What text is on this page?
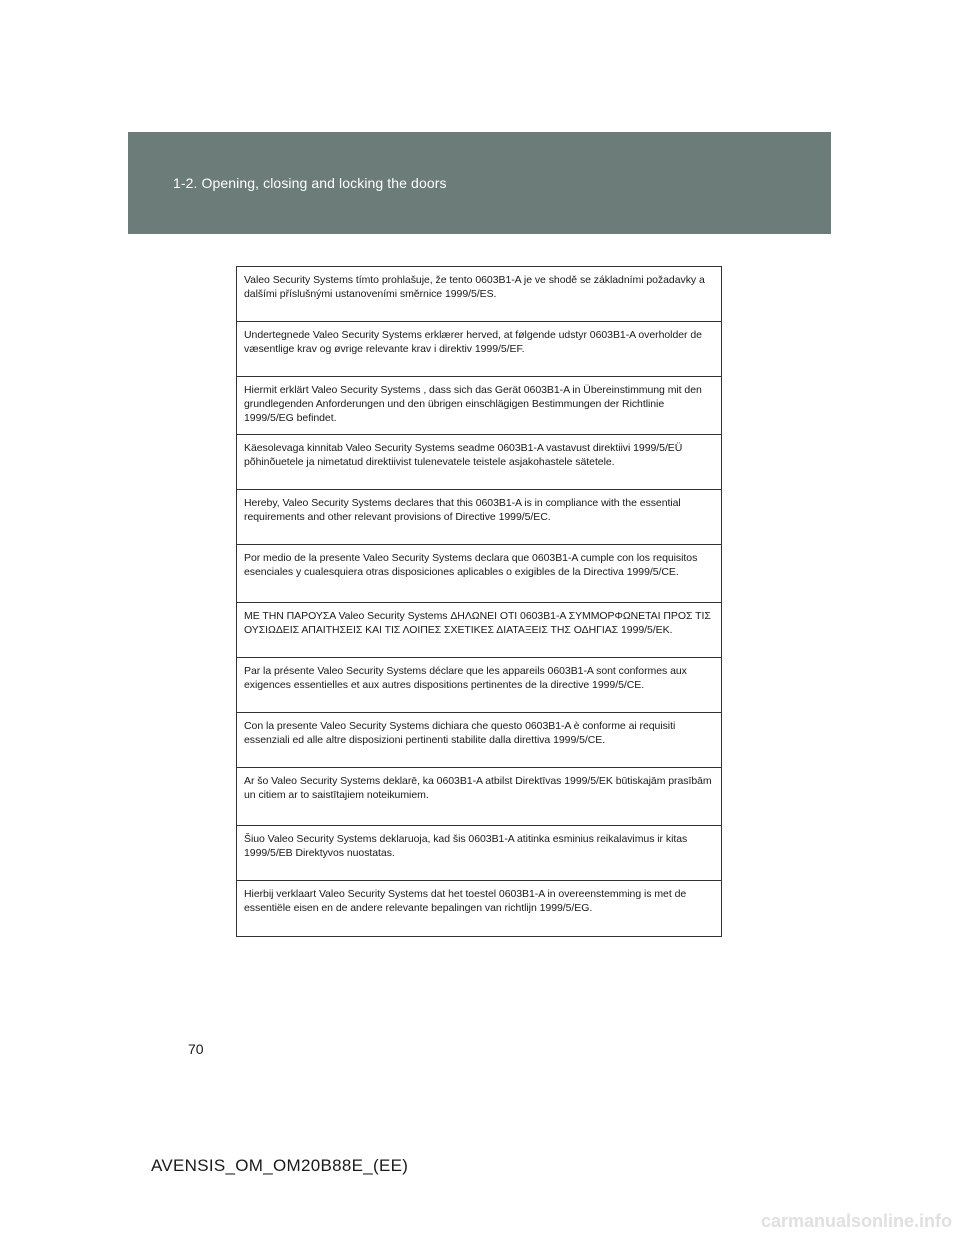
1-2. Opening, closing and locking the doors
Valeo Security Systems tímto prohlašuje, že tento 0603B1-A je ve shodě se základními požadavky a dalšími příslušnými ustanoveními směrnice 1999/5/ES.
Undertegnede Valeo Security Systems erklærer herved, at følgende udstyr 0603B1-A overholder de væsentlige krav og øvrige relevante krav i direktiv 1999/5/EF.
Hiermit erklärt Valeo Security Systems , dass sich das Gerät 0603B1-A in Übereinstimmung mit den grundlegenden Anforderungen und den übrigen einschlägigen Bestimmungen der Richtlinie 1999/5/EG befindet.
Käesolevaga kinnitab Valeo Security Systems seadme 0603B1-A vastavust direktiivi 1999/5/EÜ põhinõuetele ja nimetatud direktiivist tulenevatele teistele asjakohastele sätetele.
Hereby, Valeo Security Systems declares that this 0603B1-A is in compliance with the essential requirements and other relevant provisions of Directive 1999/5/EC.
Por medio de la presente Valeo Security Systems declara que 0603B1-A cumple con los requisitos esenciales y cualesquiera otras disposiciones aplicables o exigibles de la Directiva 1999/5/CE.
ΜΕ ΤΗΝ ΠΑΡΟΥΣΑ Valeo Security Systems ΔΗΛΩΝΕΙ ΟΤΙ 0603B1-A ΣΥΜΜΟΡΦΩΝΕΤΑΙ ΠΡΟΣ ΤΙΣ ΟΥΣΙΩΔΕΙΣ ΑΠΑΙΤΗΣΕΙΣ ΚΑΙ ΤΙΣ ΛΟΙΠΕΣ ΣΧΕΤΙΚΕΣ ΔΙΑΤΑΞΕΙΣ ΤΗΣ ΟΔΗΓΙΑΣ 1999/5/ΕΚ.
Par la présente Valeo Security Systems déclare que les appareils 0603B1-A sont conformes aux exigences essentielles et aux autres dispositions pertinentes de la directive 1999/5/CE.
Con la presente Valeo Security Systems dichiara che questo 0603B1-A è conforme ai requisiti essenziali ed alle altre disposizioni pertinenti stabilite dalla direttiva 1999/5/CE.
Ar šo Valeo Security Systems deklarē, ka 0603B1-A atbilst Direktīvas 1999/5/EK būtiskajām prasībām un citiem ar to saistītajiem noteikumiem.
Šiuo Valeo Security Systems deklaruoja, kad šis 0603B1-A atitinka esminius reikalavimus ir kitas 1999/5/EB Direktyvos nuostatas.
Hierbij verklaart Valeo Security Systems dat het toestel 0603B1-A in overeenstemming is met de essentiële eisen en de andere relevante bepalingen van richtlijn 1999/5/EG.
70
AVENSIS_OM_OM20B88E_(EE)
carmanualsonline.info
